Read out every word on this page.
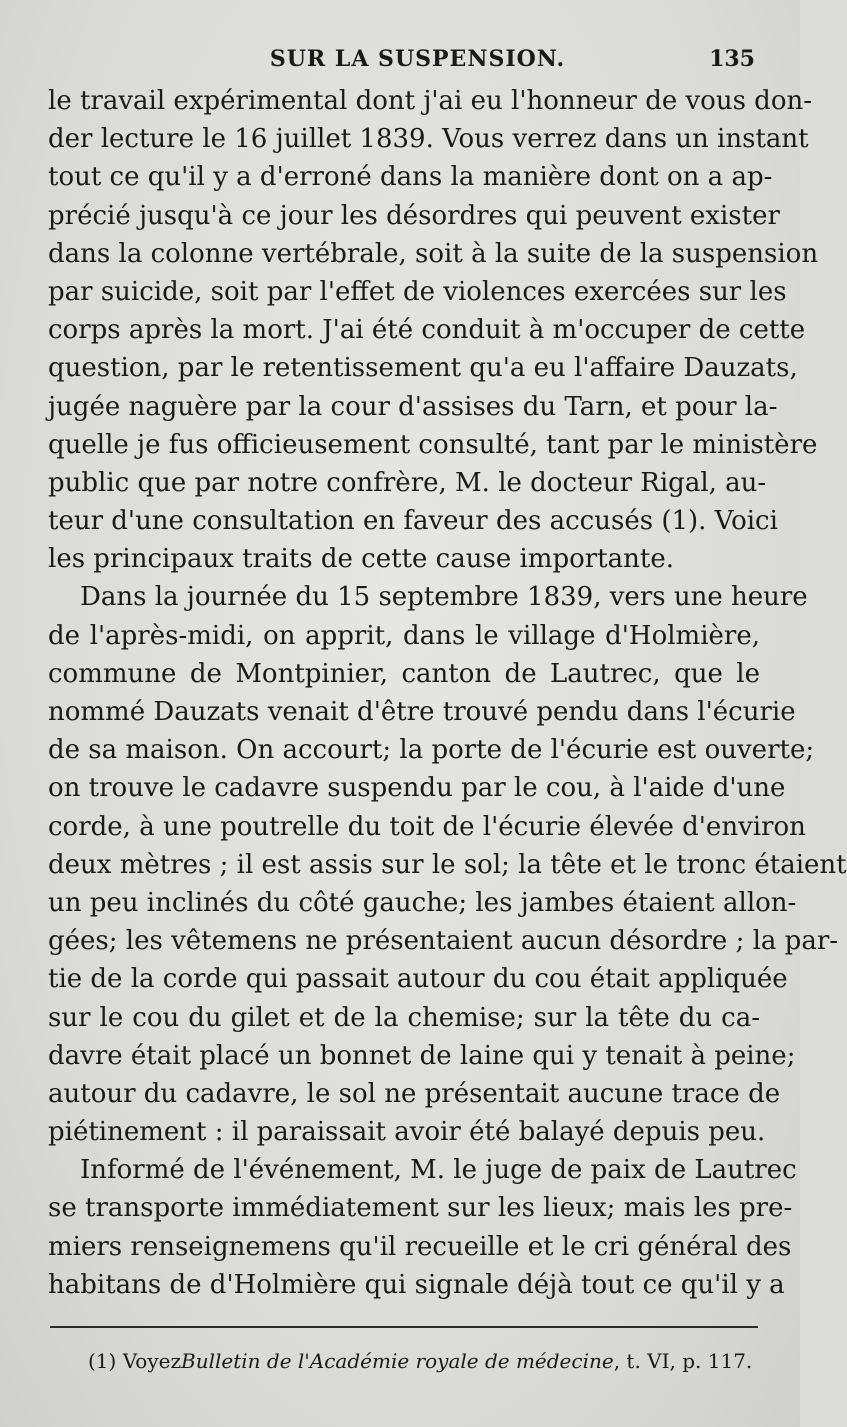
SUR LA SUSPENSION.	135
le travail expérimental dont j'ai eu l'honneur de vous don-
der lecture le 16 juillet 1839. Vous verrez dans un instant
tout ce qu'il y a d'erroné dans la manière dont on a ap-
précié jusqu'à ce jour les désordres qui peuvent exister
dans la colonne vertébrale, soit à la suite de la suspension
par suicide, soit par l'effet de violences exercées sur les
corps après la mort. J'ai été conduit à m'occuper de cette
question, par le retentissement qu'a eu l'affaire Dauzats,
jugée naguère par la cour d'assises du Tarn, et pour la-
quelle je fus officieusement consulté, tant par le ministère
public que par notre confrère, M. le docteur Rigal, au-
teur d'une consultation en faveur des accusés (1). Voici
les principaux traits de cette cause importante.
Dans la journée du 15 septembre 1839, vers une heure
de l'après-midi, on apprit, dans le village d'Holmière,
commune de Montpinier, canton de Lautrec, que le
nommé Dauzats venait d'être trouvé pendu dans l'écurie
de sa maison. On accourt; la porte de l'écurie est ouverte;
on trouve le cadavre suspendu par le cou, à l'aide d'une
corde, à une poutrelle du toit de l'écurie élevée d'environ
deux mètres ; il est assis sur le sol; la tête et le tronc étaient
un peu inclinés du côté gauche; les jambes étaient allon-
gées; les vêtemens ne présentaient aucun désordre ; la par-
tie de la corde qui passait autour du cou était appliquée
sur le cou du gilet et de la chemise; sur la tête du ca-
davre était placé un bonnet de laine qui y tenait à peine;
autour du cadavre, le sol ne présentait aucune trace de
piétinement : il paraissait avoir été balayé depuis peu.
Informé de l'événement, M. le juge de paix de Lautrec
se transporte immédiatement sur les lieux; mais les pre-
miers renseignemens qu'il recueille et le cri général des
habitans de d'Holmière qui signale déjà tout ce qu'il y a
(1) VoyezBulletin de l'Académie royale de médecine, t. VI, p. 117.
